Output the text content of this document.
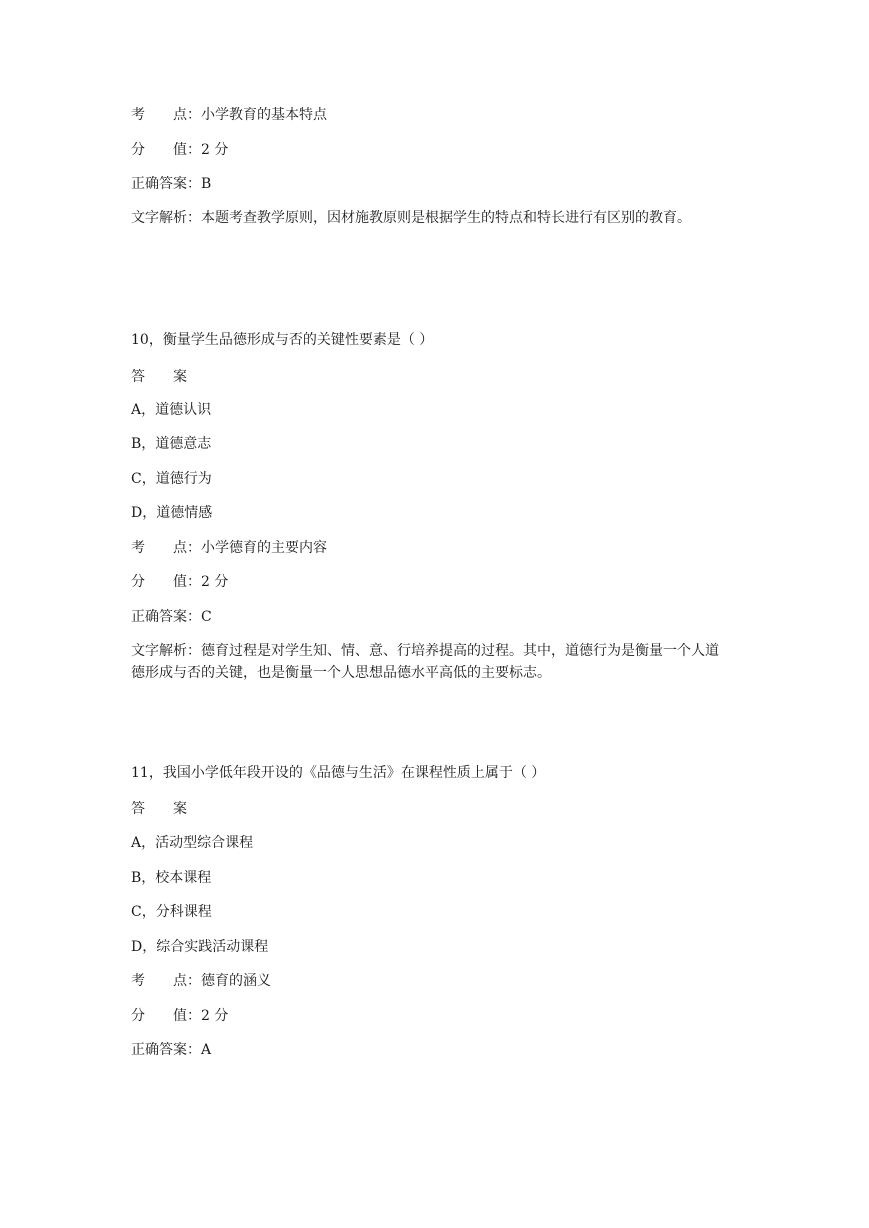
考　　点：小学教育的基本特点
分　　值：2 分
正确答案：B
文字解析：本题考查教学原则，因材施教原则是根据学生的特点和特长进行有区别的教育。
10，衡量学生品德形成与否的关键性要素是（ ）
答　　案
A，道德认识
B，道德意志
C，道德行为
D，道德情感
考　　点：小学德育的主要内容
分　　值：2 分
正确答案：C
文字解析：德育过程是对学生知、情、意、行培养提高的过程。其中，道德行为是衡量一个人道德形成与否的关键，也是衡量一个人思想品德水平高低的主要标志。
11，我国小学低年段开设的《品德与生活》在课程性质上属于（ ）
答　　案
A，活动型综合课程
B，校本课程
C，分科课程
D，综合实践活动课程
考　　点：德育的涵义
分　　值：2 分
正确答案：A
